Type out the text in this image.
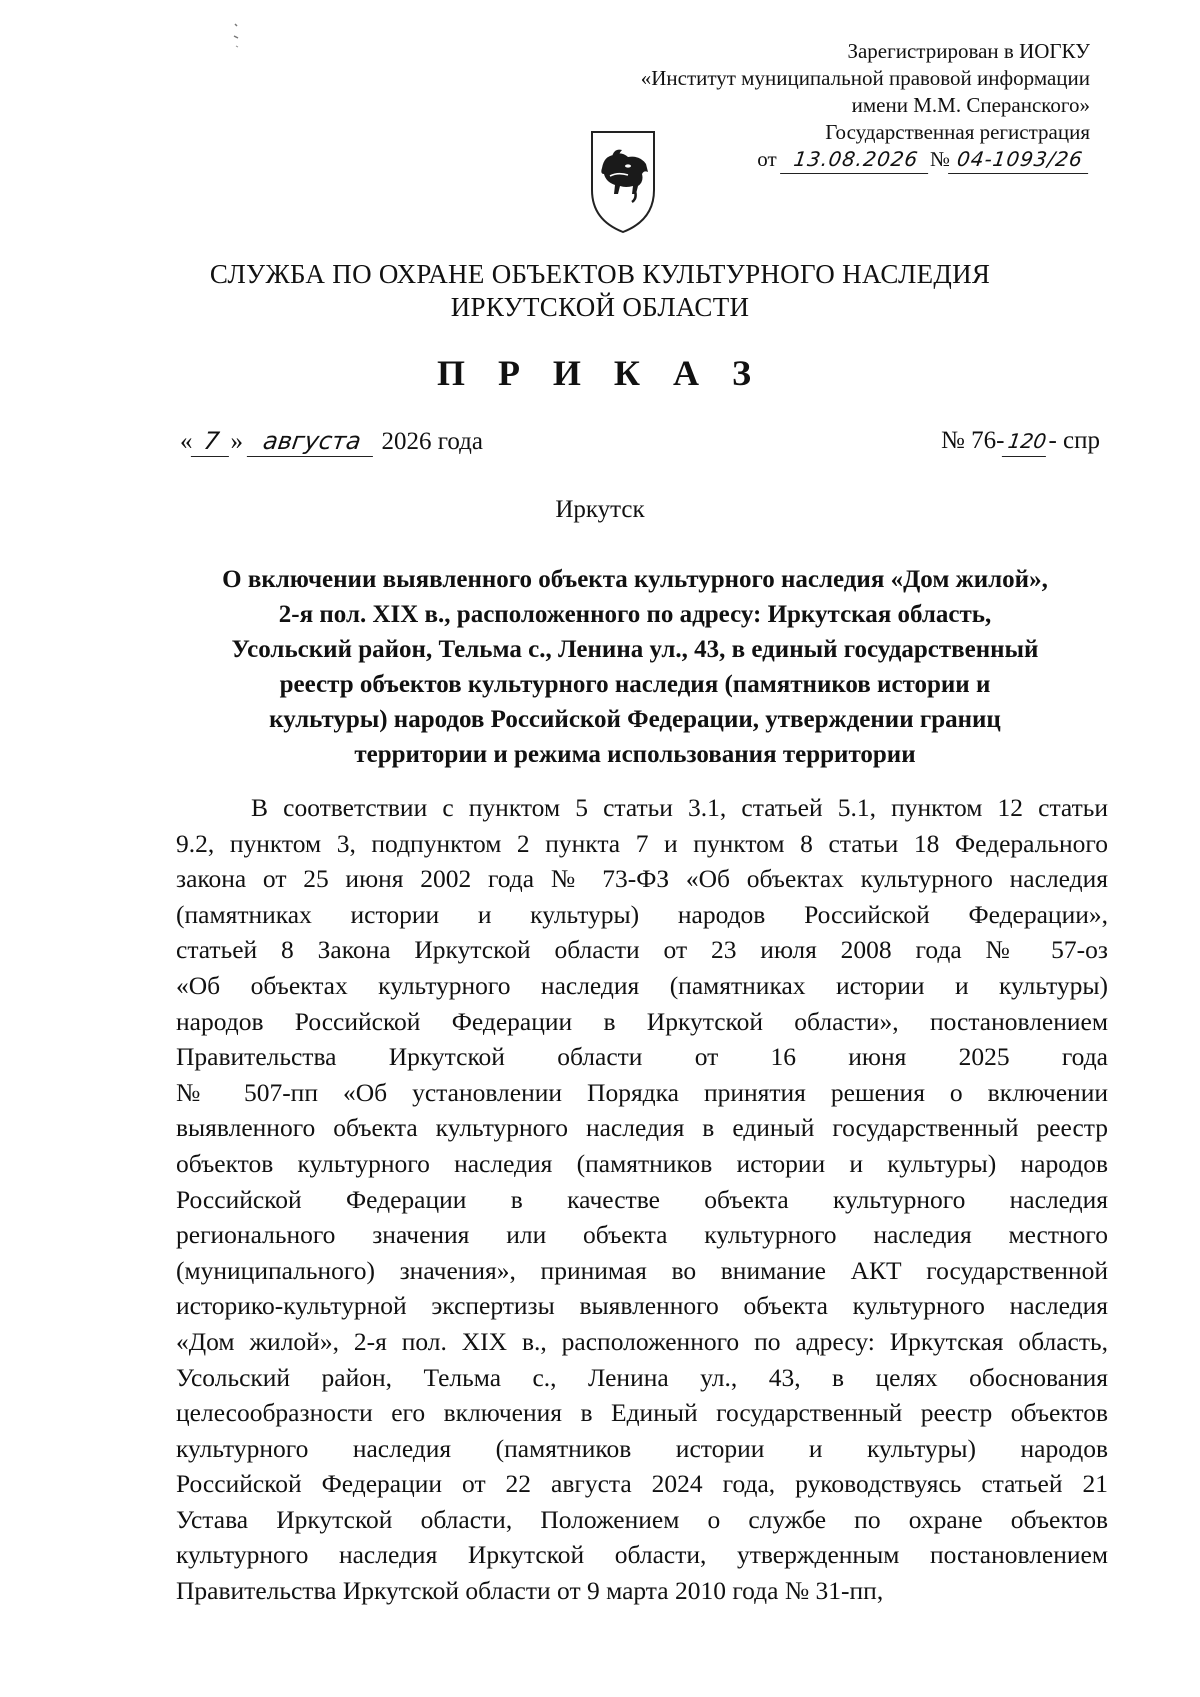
Зарегистрирован в ИОГКУ
«Институт муниципальной правовой информации
имени М.М. Сперанского»
Государственная регистрация
от 13.08.2026 № 04-1093/26
СЛУЖБА ПО ОХРАНЕ ОБЪЕКТОВ КУЛЬТУРНОГО НАСЛЕДИЯ
ИРКУТСКОЙ ОБЛАСТИ
П Р И К А З
« 7 » августа 2026 года	№ 76- 120- спр
Иркутск
О включении выявленного объекта культурного наследия «Дом жилой»,
2-я пол. XIX в., расположенного по адресу: Иркутская область,
Усольский район, Тельма с., Ленина ул., 43, в единый государственный
реестр объектов культурного наследия (памятников истории и
культуры) народов Российской Федерации, утверждении границ
территории и режима использования территории
В соответствии с пунктом 5 статьи 3.1, статьей 5.1, пунктом 12 статьи
9.2, пунктом 3, подпунктом 2 пункта 7 и пунктом 8 статьи 18 Федерального
закона от 25 июня 2002 года № 73-ФЗ «Об объектах культурного наследия
(памятниках истории и культуры) народов Российской Федерации»,
статьей 8 Закона Иркутской области от 23 июля 2008 года № 57-оз
«Об объектах культурного наследия (памятниках истории и культуры)
народов Российской Федерации в Иркутской области», постановлением
Правительства Иркутской области от 16 июня 2025 года
№ 507-пп «Об установлении Порядка принятия решения о включении
выявленного объекта культурного наследия в единый государственный реестр
объектов культурного наследия (памятников истории и культуры) народов
Российской Федерации в качестве объекта культурного наследия
регионального значения или объекта культурного наследия местного
(муниципального) значения», принимая во внимание АКТ государственной
историко-культурной экспертизы выявленного объекта культурного наследия
«Дом жилой», 2-я пол. XIX в., расположенного по адресу: Иркутская область,
Усольский район, Тельма с., Ленина ул., 43, в целях обоснования
целесообразности его включения в Единый государственный реестр объектов
культурного наследия (памятников истории и культуры) народов
Российской Федерации от 22 августа 2024 года, руководствуясь статьей 21
Устава Иркутской области, Положением о службе по охране объектов
культурного наследия Иркутской области, утвержденным постановлением
Правительства Иркутской области от 9 марта 2010 года № 31-пп,
